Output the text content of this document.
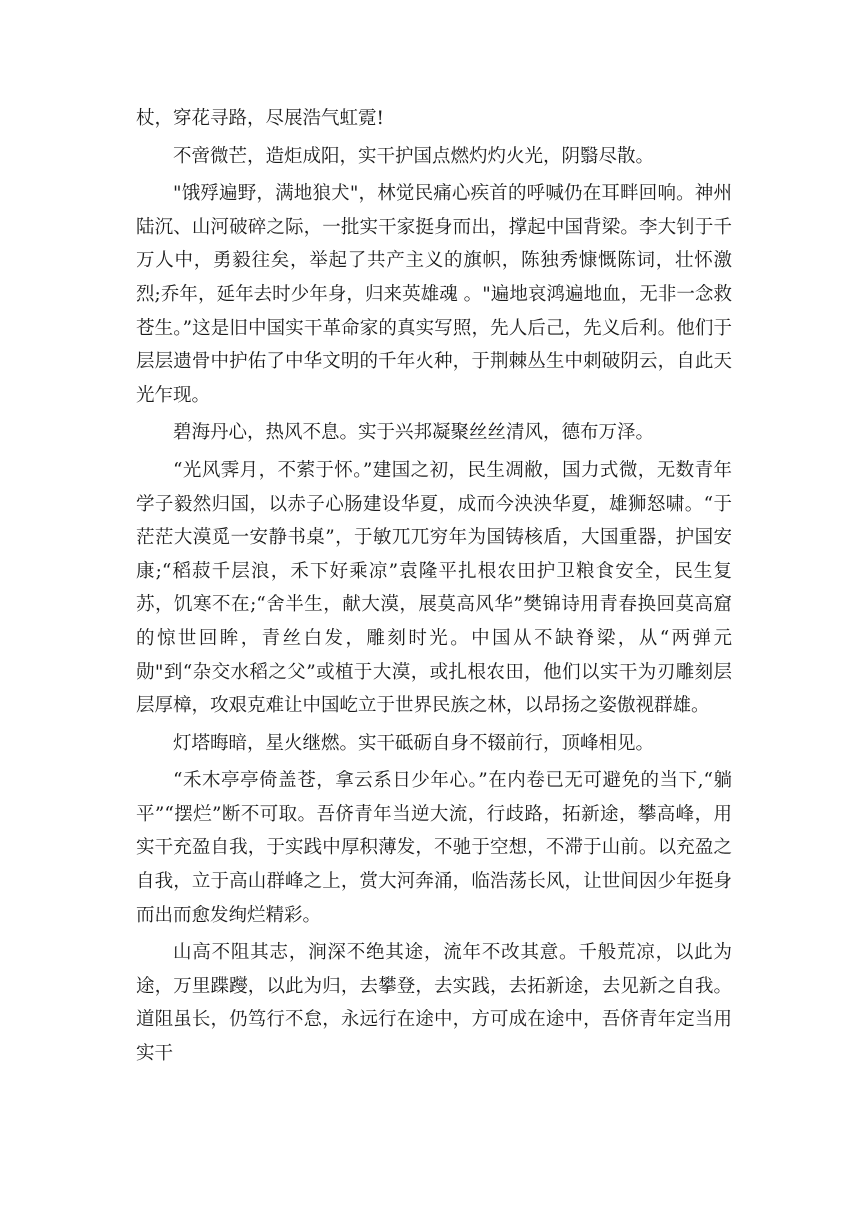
杖，穿花寻路，尽展浩气虹霓!

不啻微芒，造炬成阳，实干护国点燃灼灼火光，阴翳尽散。

"饿殍遍野，满地狼犬"，林觉民痛心疾首的呼喊仍在耳畔回响。神州陆沉、山河破碎之际，一批实干家挺身而出，撑起中国背梁。李大钊于千万人中，勇毅往矣，举起了共产主义的旗帜，陈独秀慷慨陈词，壮怀激烈;乔年，延年去时少年身，归来英雄魂 。"遍地哀鸿遍地血，无非一念救苍生。”这是旧中国实干革命家的真实写照，先人后己，先义后利。他们于层层遗骨中护佑了中华文明的千年火种，于荆棘丛生中刺破阴云，自此天光乍现。

碧海丹心，热风不息。实于兴邦凝聚丝丝清风，德布万泽。

“光风霁月，不萦于怀。”建国之初，民生凋敝，国力式微，无数青年学子毅然归国，以赤子心肠建设华夏，成而今泱泱华夏，雄狮怒啸。“于茫茫大漠觅一安静书桌”，于敏兀兀穷年为国铸核盾，大国重器，护国安康;“稻菽千层浪，禾下好乘凉”袁隆平扎根农田护卫粮食安全，民生复苏，饥寒不在;“舍半生，献大漠，展莫高风华”樊锦诗用青春换回莫高窟的惊世回眸，青丝白发，雕刻时光。中国从不缺脊梁，从“两弹元勋"到“杂交水稻之父”或植于大漠，或扎根农田，他们以实干为刃雕刻层层厚樟，攻艰克难让中国屹立于世界民族之林，以昂扬之姿傲视群雄。

灯塔晦暗，星火继燃。实干砥砺自身不辍前行，顶峰相见。

“禾木亭亭倚盖苍，拿云系日少年心。”在内卷已无可避免的当下,“躺平”“摆烂”断不可取。吾侪青年当逆大流，行歧路，拓新途，攀高峰，用实干充盈自我，于实践中厚积薄发，不驰于空想，不滞于山前。以充盈之自我，立于高山群峰之上，赏大河奔涌，临浩荡长风，让世间因少年挺身而出而愈发绚烂精彩。

山高不阻其志，涧深不绝其途，流年不改其意。千般荒凉，以此为途，万里蹀躞，以此为归，去攀登，去实践，去拓新途，去见新之自我。道阻虽长，仍笃行不怠，永远行在途中，方可成在途中，吾侪青年定当用实干
